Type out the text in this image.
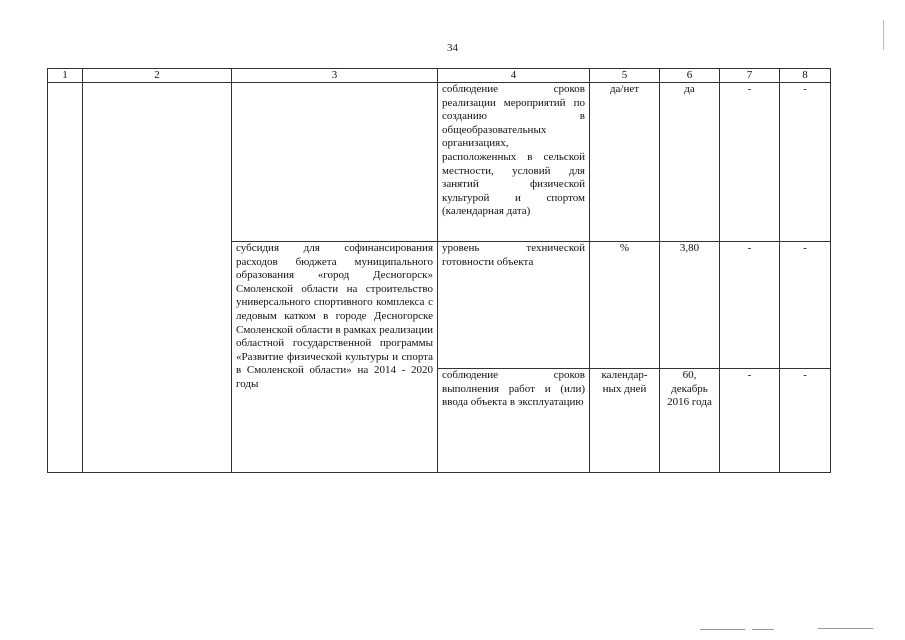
34
1	2	3	4	5	6	7	8
			соблюдение сроков реализации мероприятий по созданию в общеобразовательных организациях, расположенных в сельской местности, условий для занятий физической культурой и спортом (календарная дата)	да/нет	да	-	-
		субсидия для софинансирования расходов бюджета муниципального образования «город Десногорск» Смоленской области на строительство универсального спортивного комплекса с ледовым катком в городе Десногорске Смоленской области в рамках реализации областной государственной программы «Развитие физической культуры и спорта в Смоленской области» на 2014 - 2020 годы	уровень технической готовности объекта	%	3,80	-	-
			соблюдение сроков выполнения работ и (или) ввода объекта в эксплуатацию	календар-ных дней	60, декабрь 2016 года	-	-
